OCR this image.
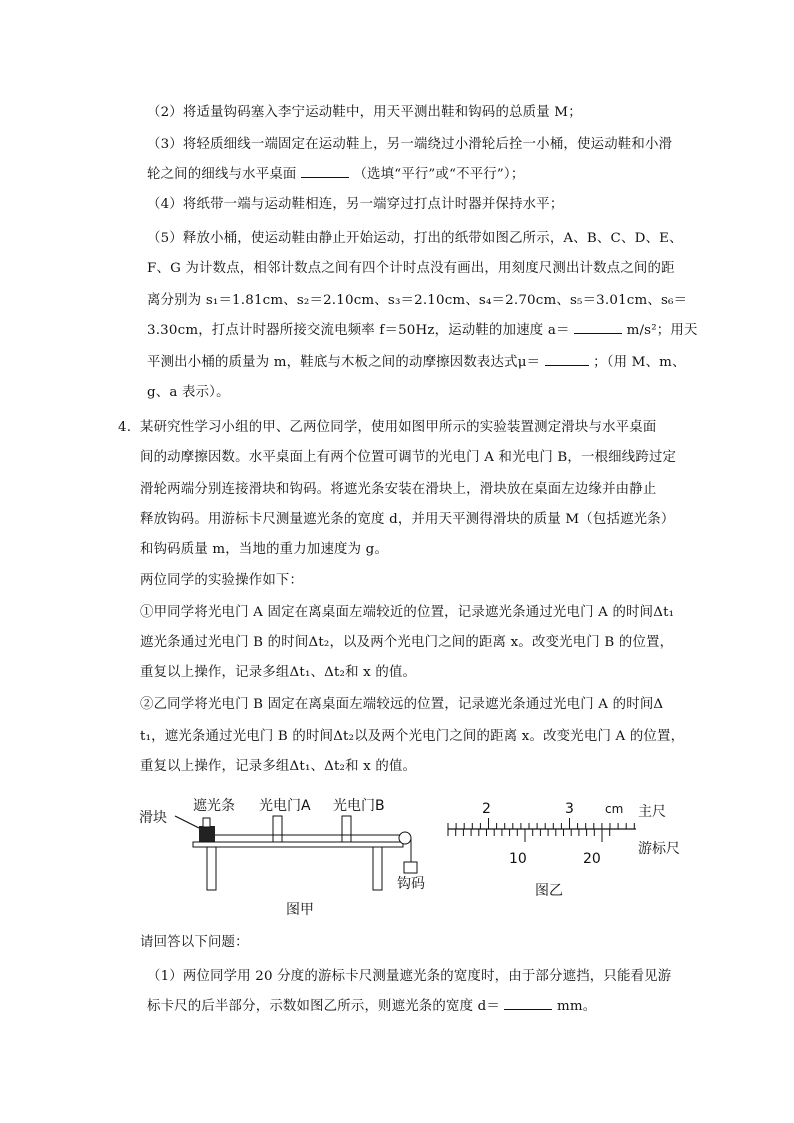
（2）将适量钩码塞入李宁运动鞋中，用天平测出鞋和钩码的总质量 M；
（3）将轻质细线一端固定在运动鞋上，另一端绕过小滑轮后拴一小桶，使运动鞋和小滑
轮之间的细线与水平桌面	（选填“平行”或“不平行”）；
（4）将纸带一端与运动鞋相连，另一端穿过打点计时器并保持水平；
（5）释放小桶，使运动鞋由静止开始运动，打出的纸带如图乙所示，A、B、C、D、E、
F、G 为计数点，相邻计数点之间有四个计时点没有画出，用刻度尺测出计数点之间的距
离分别为 s₁＝1.81cm、s₂＝2.10cm、s₃＝2.10cm、s₄＝2.70cm、s₅＝3.01cm、s₆＝
3.30cm，打点计时器所接交流电频率 f＝50Hz，运动鞋的加速度 a＝	m/s²；用天
平测出小桶的质量为 m，鞋底与木板之间的动摩擦因数表达式μ＝	；（用 M、m、
g、a 表示）。
4. 某研究性学习小组的甲、乙两位同学，使用如图甲所示的实验装置测定滑块与水平桌面
间的动摩擦因数。水平桌面上有两个位置可调节的光电门 A 和光电门 B，一根细线跨过定
滑轮两端分别连接滑块和钩码。将遮光条安装在滑块上，滑块放在桌面左边缘并由静止
释放钩码。用游标卡尺测量遮光条的宽度 d，并用天平测得滑块的质量 M（包括遮光条）
和钩码质量 m，当地的重力加速度为 g。
两位同学的实验操作如下：
①甲同学将光电门 A 固定在离桌面左端较近的位置，记录遮光条通过光电门 A 的时间Δt₁
遮光条通过光电门 B 的时间Δt₂，以及两个光电门之间的距离 x。改变光电门 B 的位置，
重复以上操作，记录多组Δt₁、Δt₂和 x 的值。
②乙同学将光电门 B 固定在离桌面左端较远的位置，记录遮光条通过光电门 A 的时间Δ
t₁，遮光条通过光电门 B 的时间Δt₂以及两个光电门之间的距离 x。改变光电门 A 的位置，
重复以上操作，记录多组Δt₁、Δt₂和 x 的值。
滑块
遮光条 光电门A 光电门B
钩码
图甲
2	3	cm 主尺
10	20
游标尺
图乙
请回答以下问题：
（1）两位同学用 20 分度的游标卡尺测量遮光条的宽度时，由于部分遮挡，只能看见游
标卡尺的后半部分，示数如图乙所示，则遮光条的宽度 d＝	mm。
